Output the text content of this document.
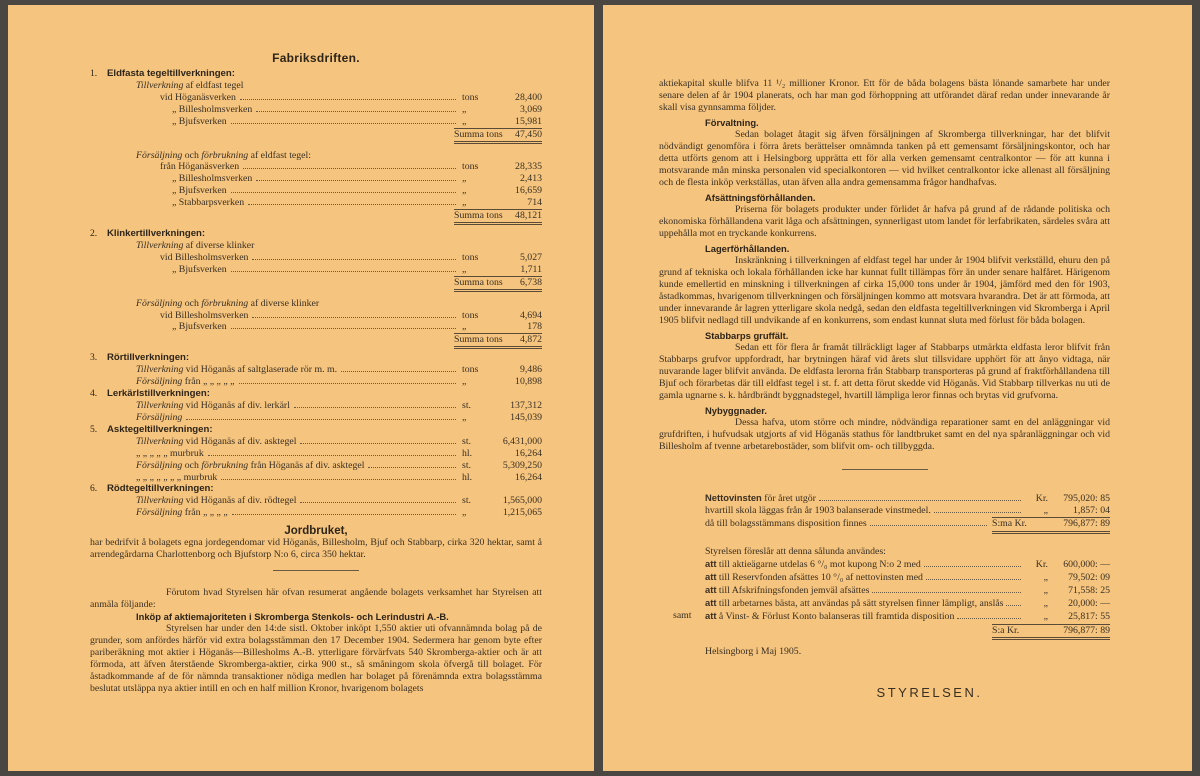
Fabriksdriften.
1. Eldfasta tegeltillverkningen:
Tillverkning af eldfast tegel
vid Höganäsverken	tons	28,400
„ Billesholmsverken	„	3,069
„ Bjufsverken	„	15,981
Summa tons 47,450
Försäljning och förbrukning af eldfast tegel:
från Höganäsverken	tons	28,335
„ Billesholmsverken	„	2,413
„ Bjufsverken	„	16,659
„ Stabbarpsverken	„	714
Summa tons 48,121
2. Klinkertillverkningen:
Tillverkning af diverse klinker
vid Billesholmsverken	tons	5,027
„ Bjufsverken	„	1,711
Summa tons 6,738
Försäljning och förbrukning af diverse klinker
vid Billesholmsverken	tons	4,694
„ Bjufsverken	„	178
Summa tons 4,872
3. Rörtillverkningen:
Tillverkning vid Höganäs af saltglaserade rör m. m.	tons	9,486
Försäljning från „ „ „ „ „	„	10,898
4. Lerkärlstillverkningen:
Tillverkning vid Höganäs af div. lerkärl	st.	137,312
Försäljning	„	145,039
5. Asktegeltillverkningen:
Tillverkning vid Höganäs af div. asktegel	st.	6,431,000
„ „ „ „ „ murbruk	hl.	16,264
Försäljning och förbrukning från Höganäs af div. asktegel	st.	5,309,250
„ „ „ „ „ „ „ murbruk	hl.	16,264
6. Rödtegeltillverkningen:
Tillverkning vid Höganäs af div. rödtegel	st.	1,565,000
Försäljning från „ „ „ „	„	1,215,065
Jordbruket,
har bedrifvit å bolagets egna jordegendomar vid Höganäs, Billesholm, Bjuf och Stabbarp, cirka 320 hektar, samt å arrendegårdarna Charlottenborg och Bjufstorp N:o 6, circa 350 hektar.
Förutom hvad Styrelsen här ofvan resumerat angående bolagets verksamhet har Styrelsen att anmäla följande:
Inköp af aktiemajoriteten i Skromberga Stenkols- och Lerindustri A.-B.
Styrelsen har under den 14:de sistl. Oktober inköpt 1,550 aktier uti ofvannämnda bolag på de grunder, som anfördes härför vid extra bolagsstämman den 17 December 1904. Sedermera har genom byte efter pariberäkning mot aktier i Höganäs—Billesholms A.-B. ytterligare förvärfvats 540 Skromberga-aktier och är att förmoda, att äfven återstående Skromberga-aktier, cirka 900 st., så småningom skola öfvergå till bolaget. För åstadkommande af de för nämnda transaktioner nödiga medlen har bolaget på förenämnda extra bolagsstämma beslutat utsläppa nya aktier intill en och en half million Kronor, hvarigenom bolagets
aktiekapital skulle blifva 11 ¹/₂ millioner Kronor. Ett för de båda bolagens bästa lönande samarbete har under senare delen af år 1904 planerats, och har man god förhoppning att utförandet däraf redan under innevarande år skall visa gynnsamma följder.
Förvaltning.
Sedan bolaget åtagit sig äfven försäljningen af Skromberga tillverkningar, har det blifvit nödvändigt genomföra i förra årets berättelser omnämnda tanken på ett gemensamt försäljningskontor, och har detta utförts genom att i Helsingborg upprätta ett för alla verken gemensamt centralkontor — för att kunna i motsvarande mån minska personalen vid specialkontoren — vid hvilket centralkontor icke allenast all försäljning och de flesta inköp verkställas, utan äfven alla andra gemensamma frågor handhafvas.
Afsättningsförhållanden.
Priserna för bolagets produkter under förlidet år hafva på grund af de rådande politiska och ekonomiska förhållandena varit låga och afsättningen, synnerligast utom landet för lerfabrikaten, särdeles svåra att uppehålla mot en tryckande konkurrens.
Lagerförhållanden.
Inskränkning i tillverkningen af eldfast tegel har under år 1904 blifvit verkställd, ehuru den på grund af tekniska och lokala förhållanden icke har kunnat fullt tillämpas förr än under senare halfåret. Härigenom kunde emellertid en minskning i tillverkningen af cirka 15,000 tons under år 1904, jämförd med den för 1903, åstadkommas, hvarigenom tillverkningen och försäljningen kommo att motsvara hvarandra. Det är att förmoda, att under innevarande år lagren ytterligare skola nedgå, sedan den eldfasta tegeltillverkningen vid Skromberga i April 1905 blifvit nedlagd till undvikande af en konkurrens, som endast kunnat sluta med förlust för båda bolagen.
Stabbarps gruffält.
Sedan ett för flera år framåt tillräckligt lager af Stabbarps utmärkta eldfasta leror blifvit från Stabbarps grufvor uppfordradt, har brytningen häraf vid årets slut tillsvidare upphört för att ånyo vidtaga, när nuvarande lager blifvit använda. De eldfasta lerorna från Stabbarp transporteras på grund af fraktförhållandena till Bjuf och förarbetas där till eldfast tegel i st. f. att detta förut skedde vid Höganäs. Vid Stabbarp tillverkas nu uti de gamla ugnarne s. k. hårdbrändt byggnadstegel, hvartill lämpliga leror finnas och brytas vid grufvorna.
Nybyggnader.
Dessa hafva, utom större och mindre, nödvändiga reparationer samt en del anläggningar vid grufdriften, i hufvudsak utgjorts af vid Höganäs stathus för landtbruket samt en del nya spåranläggningar och vid Billesholm af tvenne arbetarebostäder, som blifvit om- och tillbyggda.
Nettovinsten för året utgör	Kr.	795,020: 85
hvartill skola läggas från år 1903 balanserade vinstmedel.	„	1,857: 04
då till bolagsstämmans disposition finnes	S:ma Kr.	796,877: 89
Styrelsen föreslår att denna sålunda användes:
att till aktieägarne utdelas 6 °/₀ mot kupong N:o 2 med	Kr.	600,000: —
att till Reservfonden afsättes 10 °/₀ af nettovinsten med	„	79,502: 09
att till Afskrifningsfonden jemväl afsättes	„	71,558: 25
att till arbetarnes bästa, att användas på sätt styrelsen finner lämpligt, anslås	„	20,000: —
samt att å Vinst- & Förlust Konto balanseras till framtida disposition	„	25,817: 55
S:a Kr.	796,877: 89
Helsingborg i Maj 1905.
STYRELSEN.
